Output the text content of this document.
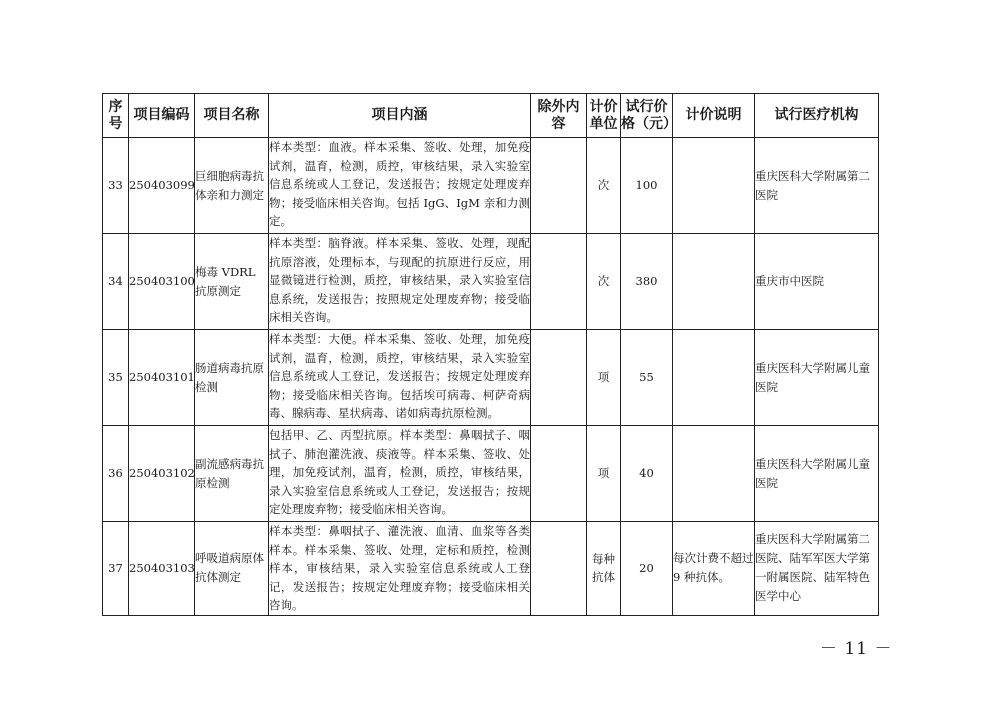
序号	项目编码	项目名称	项目内涵	除外内容	计价单位	试行价格（元）	计价说明	试行医疗机构
33	250403099	巨细胞病毒抗体亲和力测定	样本类型：血液。样本采集、签收、处理，加免疫试剂，温育，检测，质控，审核结果，录入实验室信息系统或人工登记，发送报告；按规定处理废弃物；接受临床相关咨询。包括 IgG、IgM 亲和力测定。		次	100		重庆医科大学附属第二医院
34	250403100	梅毒 VDRL 抗原测定	样本类型：脑脊液。样本采集、签收、处理，现配抗原溶液，处理标本，与现配的抗原进行反应，用显微镜进行检测，质控，审核结果，录入实验室信息系统，发送报告；按照规定处理废弃物；接受临床相关咨询。		次	380		重庆市中医院
35	250403101	肠道病毒抗原检测	样本类型：大便。样本采集、签收、处理，加免疫试剂，温育，检测，质控，审核结果，录入实验室信息系统或人工登记，发送报告；按规定处理废弃物；接受临床相关咨询。包括埃可病毒、柯萨奇病毒、腺病毒、星状病毒、诺如病毒抗原检测。		项	55		重庆医科大学附属儿童医院
36	250403102	副流感病毒抗原检测	包括甲、乙、丙型抗原。样本类型：鼻咽拭子、咽拭子、肺泡灌洗液、痰液等。样本采集、签收、处理，加免疫试剂，温育，检测，质控，审核结果，录入实验室信息系统或人工登记，发送报告；按规定处理废弃物；接受临床相关咨询。		项	40		重庆医科大学附属儿童医院
37	250403103	呼吸道病原体抗体测定	样本类型：鼻咽拭子、灌洗液、血清、血浆等各类样本。样本采集、签收、处理，定标和质控，检测样本，审核结果，录入实验室信息系统或人工登记，发送报告；按规定处理废弃物；接受临床相关咨询。		每种抗体	20	每次计费不超过 9 种抗体。	重庆医科大学附属第二医院、陆军军医大学第一附属医院、陆军特色医学中心
－ 11 －
